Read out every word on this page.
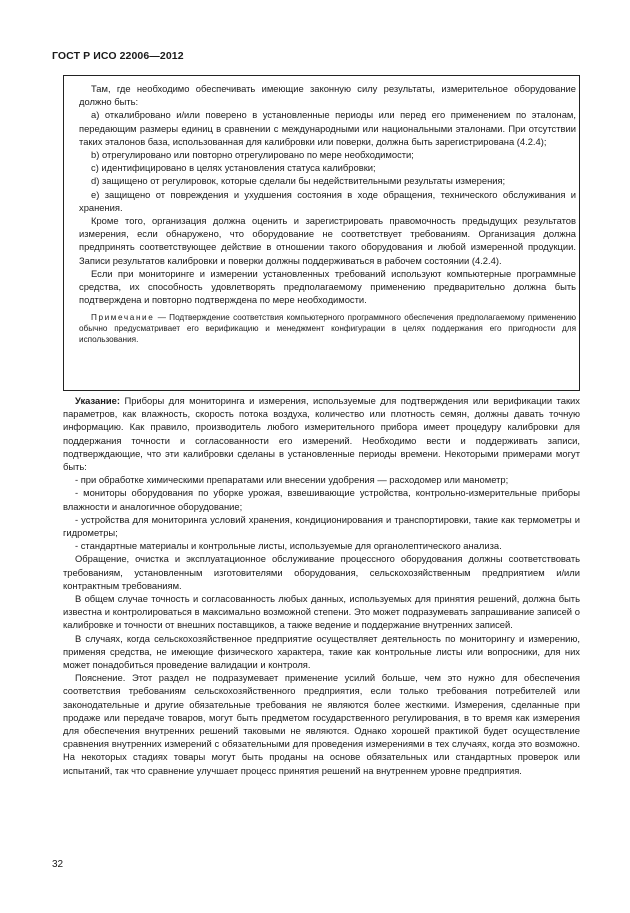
ГОСТ Р ИСО 22006—2012

Там, где необходимо обеспечивать имеющие законную силу результаты, измерительное оборудование должно быть:

а) откалибровано и/или поверено в установленные периоды или перед его применением по эталонам, передающим размеры единиц в сравнении с международными или национальными эталонами. При отсутствии таких эталонов база, использованная для калибровки или поверки, должна быть зарегистрирована (4.2.4);

b) отрегулировано или повторно отрегулировано по мере необходимости;

c) идентифицировано в целях установления статуса калибровки;

d) защищено от регулировок, которые сделали бы недействительными результаты измерения;

e) защищено от повреждения и ухудшения состояния в ходе обращения, технического обслуживания и хранения.

Кроме того, организация должна оценить и зарегистрировать правомочность предыдущих результатов измерения, если обнаружено, что оборудование не соответствует требованиям. Организация должна предпринять соответствующее действие в отношении такого оборудования и любой измеренной продукции. Записи результатов калибровки и поверки должны поддерживаться в рабочем состоянии (4.2.4).

Если при мониторинге и измерении установленных требований используют компьютерные программные средства, их способность удовлетворять предполагаемому применению предварительно должна быть подтверждена и повторно подтверждена по мере необходимости.

Примечание — Подтверждение соответствия компьютерного программного обеспечения предполагаемому применению обычно предусматривает его верификацию и менеджмент конфигурации в целях поддержания его пригодности для использования.

Указание: Приборы для мониторинга и измерения, используемые для подтверждения или верификации таких параметров, как влажность, скорость потока воздуха, количество или плотность семян, должны давать точную информацию. Как правило, производитель любого измерительного прибора имеет процедуру калибровки для поддержания точности и согласованности его измерений. Необходимо вести и поддерживать записи, подтверждающие, что эти калибровки сделаны в установленные периоды времени. Некоторыми примерами могут быть:

- при обработке химическими препаратами или внесении удобрения — расходомер или манометр;

- мониторы оборудования по уборке урожая, взвешивающие устройства, контрольно-измерительные приборы влажности и аналогичное оборудование;

- устройства для мониторинга условий хранения, кондиционирования и транспортировки, такие как термометры и гидрометры;

- стандартные материалы и контрольные листы, используемые для органолептического анализа.

Обращение, очистка и эксплуатационное обслуживание процессного оборудования должны соответствовать требованиям, установленным изготовителями оборудования, сельскохозяйственным предприятием и/или контрактным требованиям.

В общем случае точность и согласованность любых данных, используемых для принятия решений, должна быть известна и контролироваться в максимально возможной степени. Это может подразумевать запрашивание записей о калибровке и точности от внешних поставщиков, а также ведение и поддержание внутренних записей.

В случаях, когда сельскохозяйственное предприятие осуществляет деятельность по мониторингу и измерению, применяя средства, не имеющие физического характера, такие как контрольные листы или вопросники, для них может понадобиться проведение валидации и контроля.

Пояснение. Этот раздел не подразумевает применение усилий больше, чем это нужно для обеспечения соответствия требованиям сельскохозяйственного предприятия, если только требования потребителей или законодательные и другие обязательные требования не являются более жесткими. Измерения, сделанные при продаже или передаче товаров, могут быть предметом государственного регулирования, в то время как измерения для обеспечения внутренних решений таковыми не являются. Однако хорошей практикой будет осуществление сравнения внутренних измерений с обязательными для проведения измерениями в тех случаях, когда это возможно. На некоторых стадиях товары могут быть проданы на основе обязательных или стандартных проверок или испытаний, так что сравнение улучшает процесс принятия решений на внутреннем уровне предприятия.

32
